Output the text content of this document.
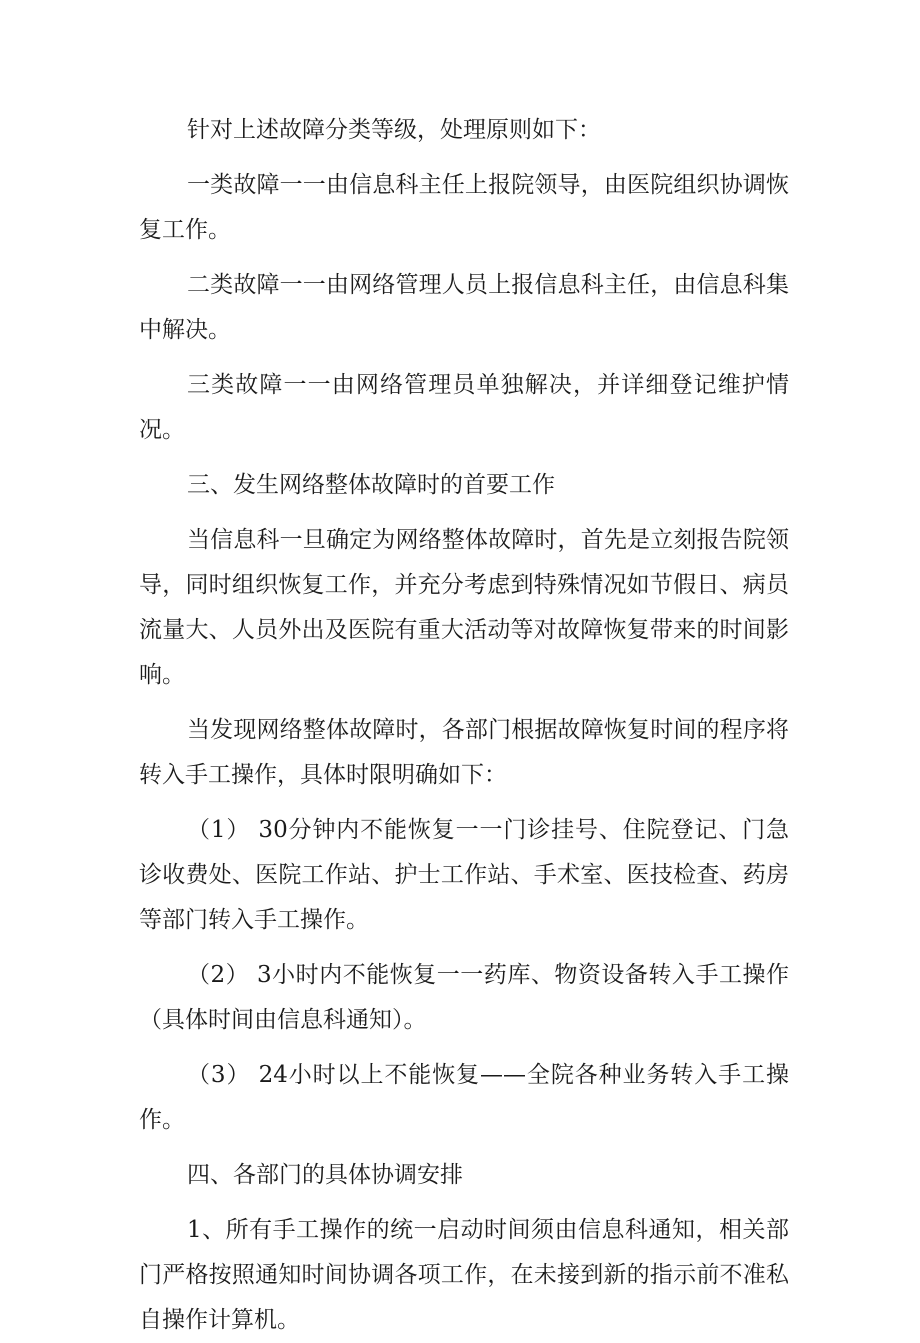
针对上述故障分类等级，处理原则如下：

一类故障一一由信息科主任上报院领导，由医院组织协调恢复工作。

二类故障一一由网络管理人员上报信息科主任，由信息科集中解决。

三类故障一一由网络管理员单独解决，并详细登记维护情况。

三、发生网络整体故障时的首要工作

当信息科一旦确定为网络整体故障时，首先是立刻报告院领导，同时组织恢复工作，并充分考虑到特殊情况如节假日、病员流量大、人员外出及医院有重大活动等对故障恢复带来的时间影响。

当发现网络整体故障时，各部门根据故障恢复时间的程序将转入手工操作，具体时限明确如下：

（1） 30分钟内不能恢复一一门诊挂号、住院登记、门急诊收费处、医院工作站、护士工作站、手术室、医技检查、药房等部门转入手工操作。

（2） 3小时内不能恢复一一药库、物资设备转入手工操作（具体时间由信息科通知）。

（3） 24小时以上不能恢复——全院各种业务转入手工操作。

四、各部门的具体协调安排

1、所有手工操作的统一启动时间须由信息科通知，相关部门严格按照通知时间协调各项工作，在未接到新的指示前不准私自操作计算机。
